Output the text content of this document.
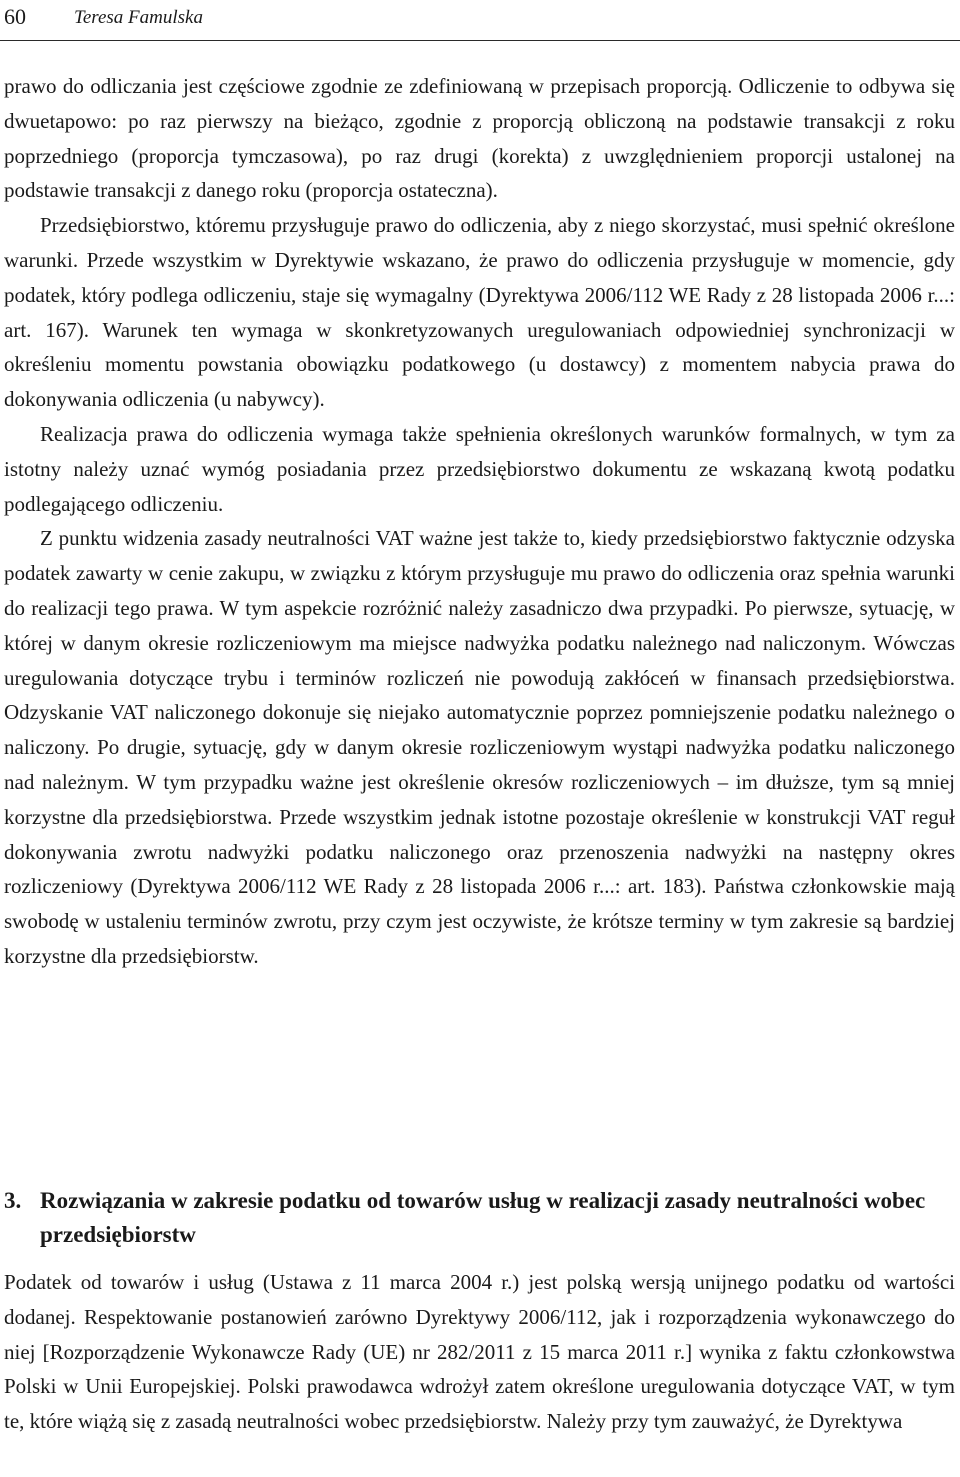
60	Teresa Famulska

prawo do odliczania jest częściowe zgodnie ze zdefiniowaną w przepisach proporcją. Odliczenie to odbywa się dwuetapowo: po raz pierwszy na bieżąco, zgodnie z proporcją obliczoną na podstawie transakcji z roku poprzedniego (proporcja tymczasowa), po raz drugi (korekta) z uwzględnieniem proporcji ustalonej na podstawie transakcji z danego roku (proporcja ostateczna).

Przedsiębiorstwo, któremu przysługuje prawo do odliczenia, aby z niego skorzystać, musi spełnić określone warunki. Przede wszystkim w Dyrektywie wskazano, że prawo do odliczenia przysługuje w momencie, gdy podatek, który podlega odliczeniu, staje się wymagalny (Dyrektywa 2006/112 WE Rady z 28 listopada 2006 r...: art. 167). Warunek ten wymaga w skonkretyzowanych uregulowaniach odpowiedniej synchronizacji w określeniu momentu powstania obowiązku podatkowego (u dostawcy) z momentem nabycia prawa do dokonywania odliczenia (u nabywcy).

Realizacja prawa do odliczenia wymaga także spełnienia określonych warunków formalnych, w tym za istotny należy uznać wymóg posiadania przez przedsiębiorstwo dokumentu ze wskazaną kwotą podatku podlegającego odliczeniu.

Z punktu widzenia zasady neutralności VAT ważne jest także to, kiedy przedsiębiorstwo faktycznie odzyska podatek zawarty w cenie zakupu, w związku z którym przysługuje mu prawo do odliczenia oraz spełnia warunki do realizacji tego prawa. W tym aspekcie rozróżnić należy zasadniczo dwa przypadki. Po pierwsze, sytuację, w której w danym okresie rozliczeniowym ma miejsce nadwyżka podatku należnego nad naliczonym. Wówczas uregulowania dotyczące trybu i terminów rozliczeń nie powodują zakłóceń w finansach przedsiębiorstwa. Odzyskanie VAT naliczonego dokonuje się niejako automatycznie poprzez pomniejszenie podatku należnego o naliczony. Po drugie, sytuację, gdy w danym okresie rozliczeniowym wystąpi nadwyżka podatku naliczonego nad należnym. W tym przypadku ważne jest określenie okresów rozliczeniowych – im dłuższe, tym są mniej korzystne dla przedsiębiorstwa. Przede wszystkim jednak istotne pozostaje określenie w konstrukcji VAT reguł dokonywania zwrotu nadwyżki podatku naliczonego oraz przenoszenia nadwyżki na następny okres rozliczeniowy (Dyrektywa 2006/112 WE Rady z 28 listopada 2006 r...: art. 183). Państwa członkowskie mają swobodę w ustaleniu terminów zwrotu, przy czym jest oczywiste, że krótsze terminy w tym zakresie są bardziej korzystne dla przedsiębiorstw.

3. Rozwiązania w zakresie podatku od towarów usług w realizacji zasady neutralności wobec przedsiębiorstw

Podatek od towarów i usług (Ustawa z 11 marca 2004 r.) jest polską wersją unijnego podatku od wartości dodanej. Respektowanie postanowień zarówno Dyrektywy 2006/112, jak i rozporządzenia wykonawczego do niej [Rozporządzenie Wykonawcze Rady (UE) nr 282/2011 z 15 marca 2011 r.] wynika z faktu członkowstwa Polski w Unii Europejskiej. Polski prawodawca wdrożył zatem określone uregulowania dotyczące VAT, w tym te, które wiążą się z zasadą neutralności wobec przedsiębiorstw. Należy przy tym zauważyć, że Dyrektywa
